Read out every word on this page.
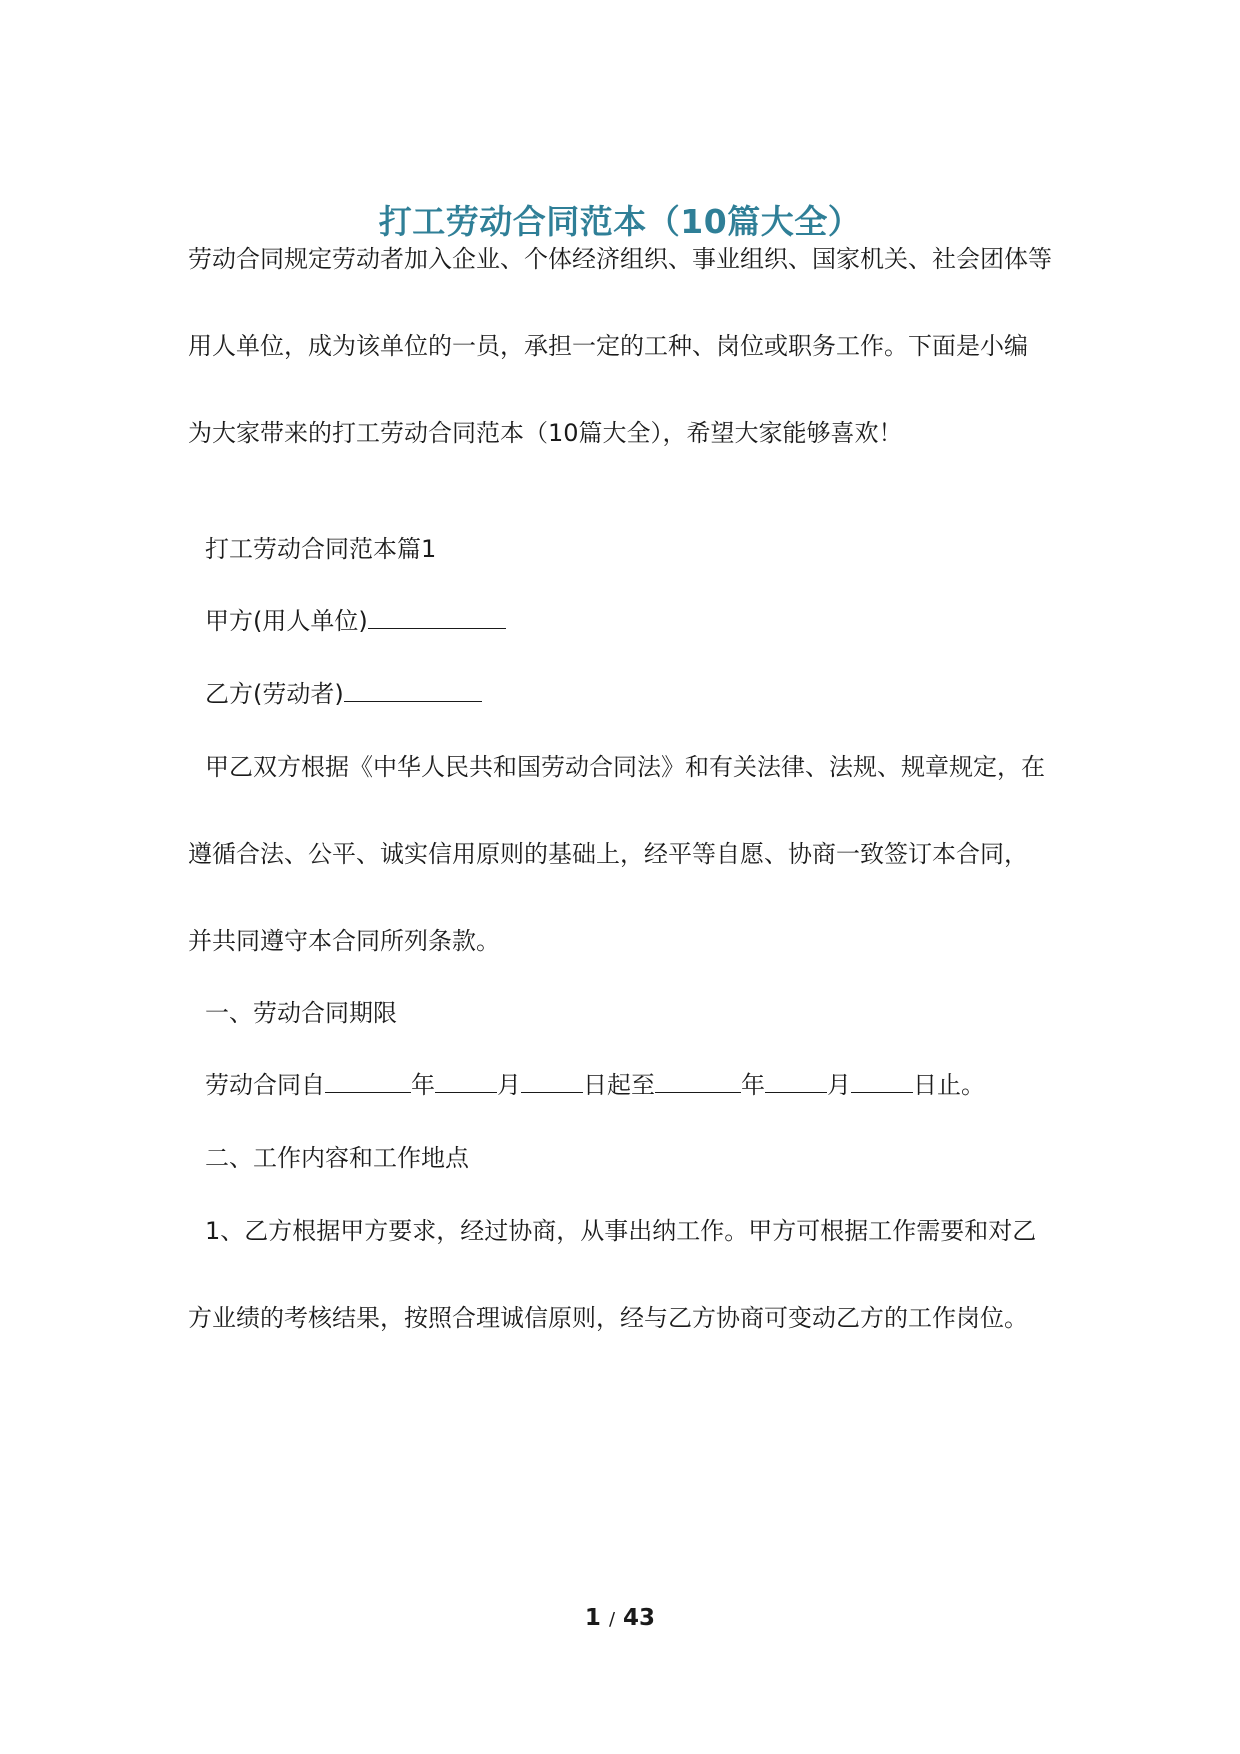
打工劳动合同范本（10篇大全）
劳动合同规定劳动者加入企业、个体经济组织、事业组织、国家机关、社会团体等
用人单位，成为该单位的一员，承担一定的工种、岗位或职务工作。下面是小编
为大家带来的打工劳动合同范本（10篇大全），希望大家能够喜欢！
打工劳动合同范本篇1
甲方(用人单位)
乙方(劳动者)
甲乙双方根据《中华人民共和国劳动合同法》和有关法律、法规、规章规定，在
遵循合法、公平、诚实信用原则的基础上，经平等自愿、协商一致签订本合同，
并共同遵守本合同所列条款。
一、劳动合同期限
劳动合同自	年	月	日起至	年	月	日止。
二、工作内容和工作地点
1、乙方根据甲方要求，经过协商，从事出纳工作。甲方可根据工作需要和对乙
方业绩的考核结果，按照合理诚信原则，经与乙方协商可变动乙方的工作岗位。
1 / 43
